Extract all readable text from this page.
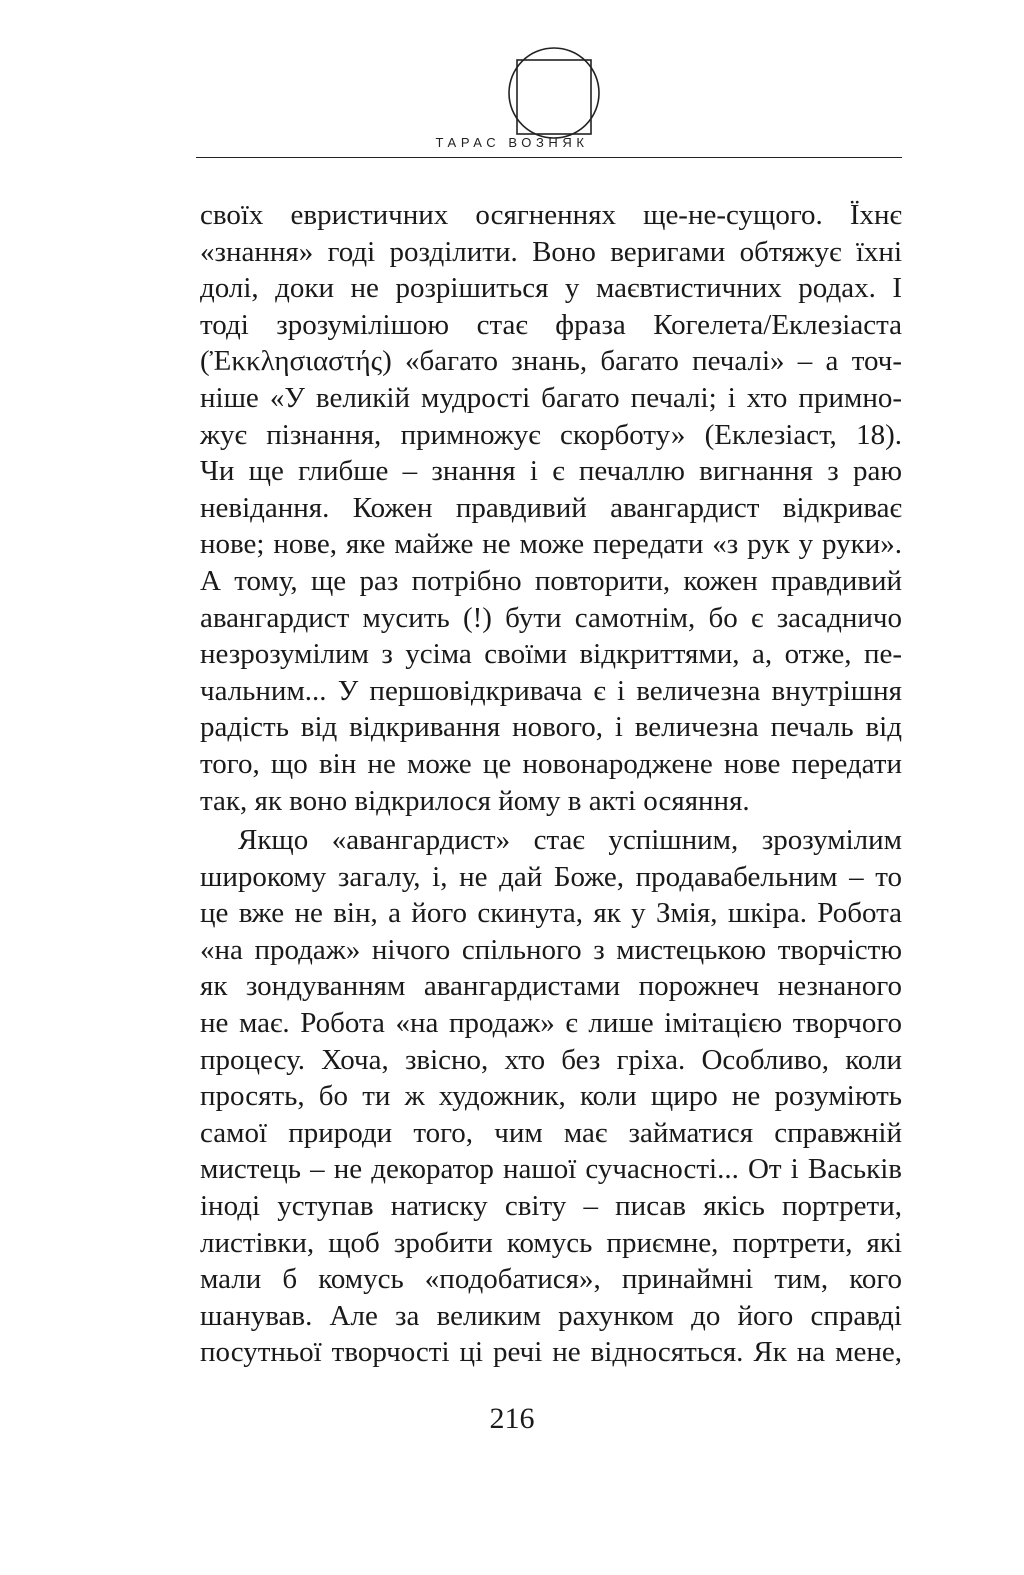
ТАРАС ВОЗНЯК
своїх евристичних осягненнях ще-не-сущого. Їхнє
«знання» годі розділити. Воно веригами обтяжує їхні
долі, доки не розрішиться у маєвтистичних родах. І
тоді зрозумілішою стає фраза Когелета/Еклезіаста
(Ἐκκλησιαστής) «багато знань, багато печалі» – а точ-
ніше «У великій мудрості багато печалі; і хто примно-
жує пізнання, примножує скорботу» (Еклезіаст, 18).
Чи ще глибше – знання і є печаллю вигнання з раю
невідання. Кожен правдивий авангардист відкриває
нове; нове, яке майже не може передати «з рук у руки».
А тому, ще раз потрібно повторити, кожен правдивий
авангардист мусить (!) бути самотнім, бо є засадничо
незрозумілим з усіма своїми відкриттями, а, отже, пе-
чальним... У першовідкривача є і величезна внутрішня
радість від відкривання нового, і величезна печаль від
того, що він не може це новонароджене нове передати
так, як воно відкрилося йому в акті осяяння.
Якщо «авангардист» стає успішним, зрозумілим
широкому загалу, і, не дай Боже, продавабельним – то
це вже не він, а його скинута, як у Змія, шкіра. Робота
«на продаж» нічого спільного з мистецькою творчістю
як зондуванням авангардистами порожнеч незнаного
не має. Робота «на продаж» є лише імітацією творчого
процесу. Хоча, звісно, хто без гріха. Особливо, коли
просять, бо ти ж художник, коли щиро не розуміють
самої природи того, чим має займатися справжній
мистець – не декоратор нашої сучасності... От і Васьків
іноді уступав натиску світу – писав якісь портрети,
листівки, щоб зробити комусь приємне, портрети, які
мали б комусь «подобатися», принаймні тим, кого
шанував. Але за великим рахунком до його справді
посутньої творчості ці речі не відносяться. Як на мене,
216
